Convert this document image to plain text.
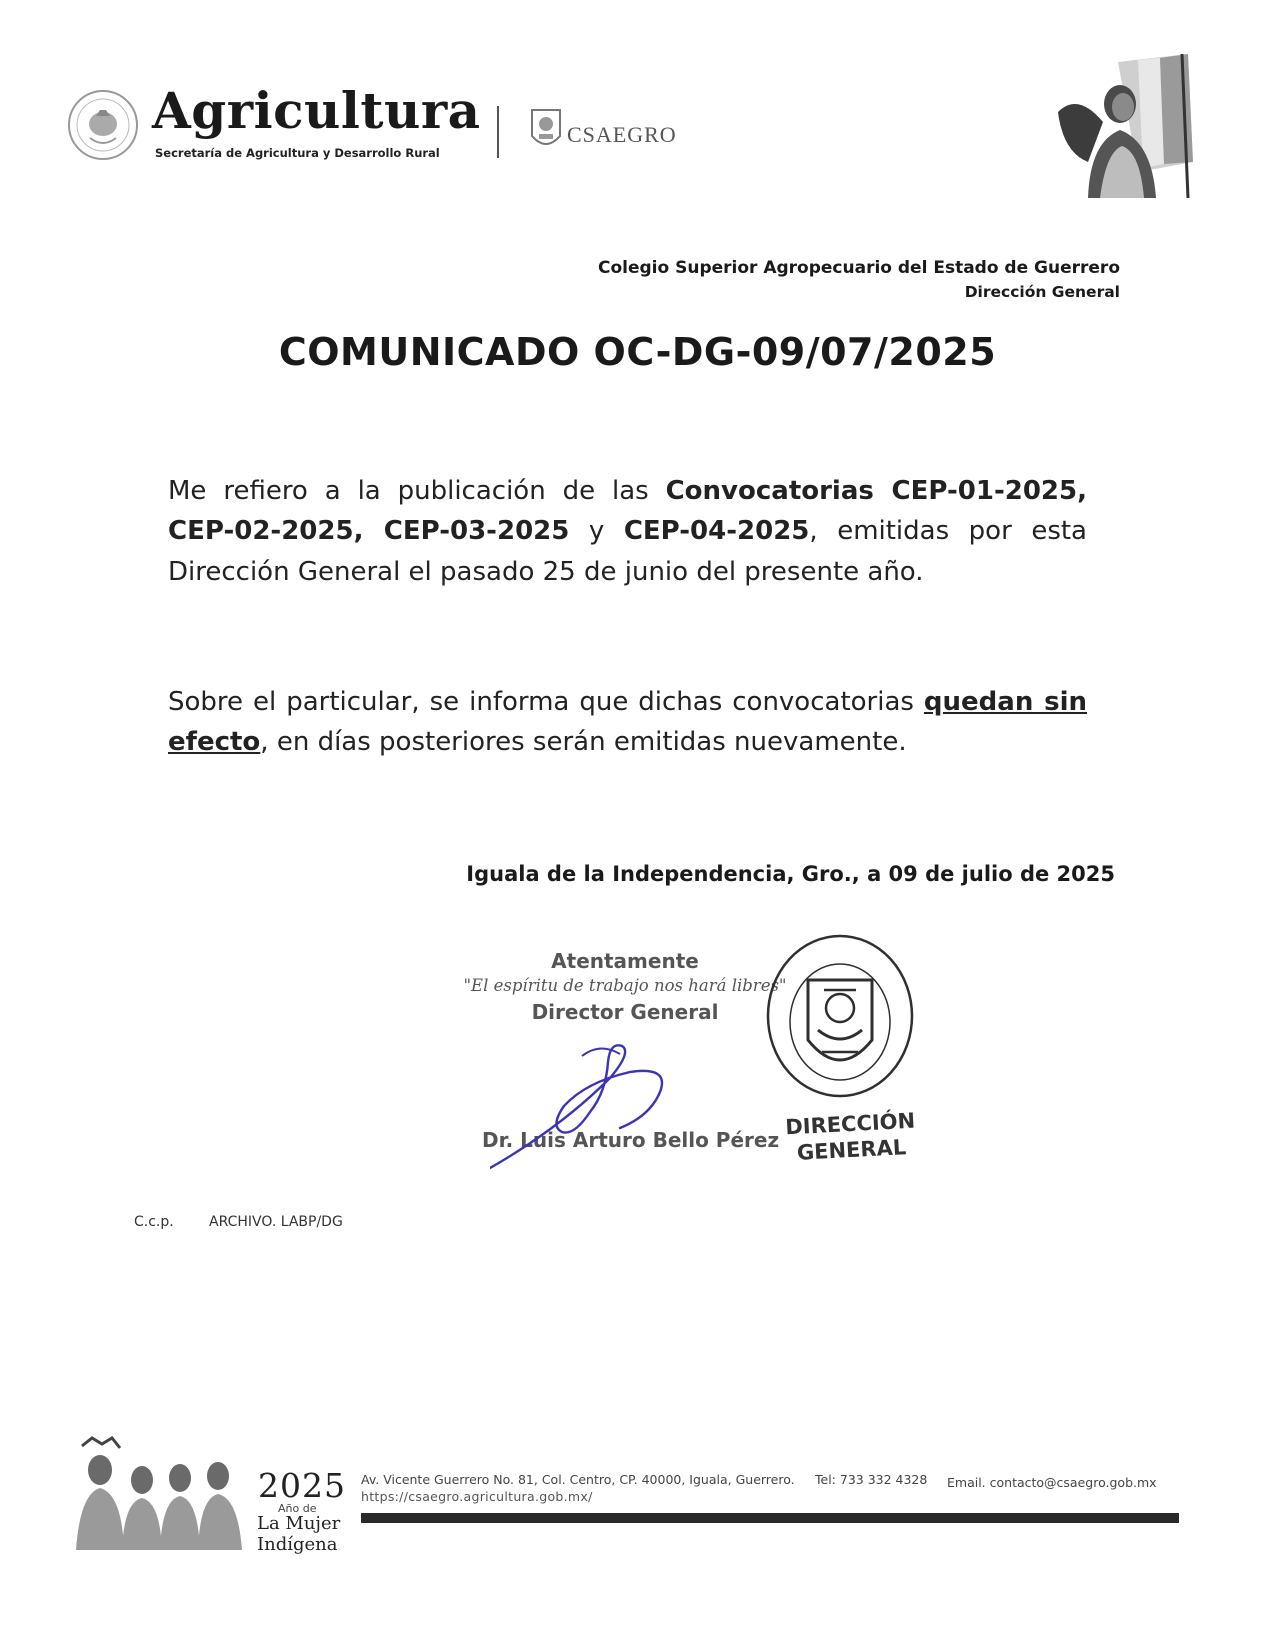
Agricultura
Secretaría de Agricultura y Desarrollo Rural
CSAEGRO
Colegio Superior Agropecuario del Estado de Guerrero
Dirección General
COMUNICADO OC-DG-09/07/2025
Me refiero a la publicación de las Convocatorias CEP-01-2025, CEP-02-2025, CEP-03-2025 y CEP-04-2025, emitidas por esta Dirección General el pasado 25 de junio del presente año.
Sobre el particular, se informa que dichas convocatorias quedan sin efecto, en días posteriores serán emitidas nuevamente.
Iguala de la Independencia, Gro., a 09 de julio de 2025
Atentamente
"El espíritu de trabajo nos hará libres"
Director General
Dr. Luis Arturo Bello Pérez
DIRECCIÓN
GENERAL
C.c.p.	ARCHIVO. LABP/DG
2025
Año de
La Mujer
Indígena
Av. Vicente Guerrero No. 81, Col. Centro, CP. 40000, Iguala, Guerrero. Tel: 733 332 4328 Email. contacto@csaegro.gob.mx
https://csaegro.agricultura.gob.mx/
